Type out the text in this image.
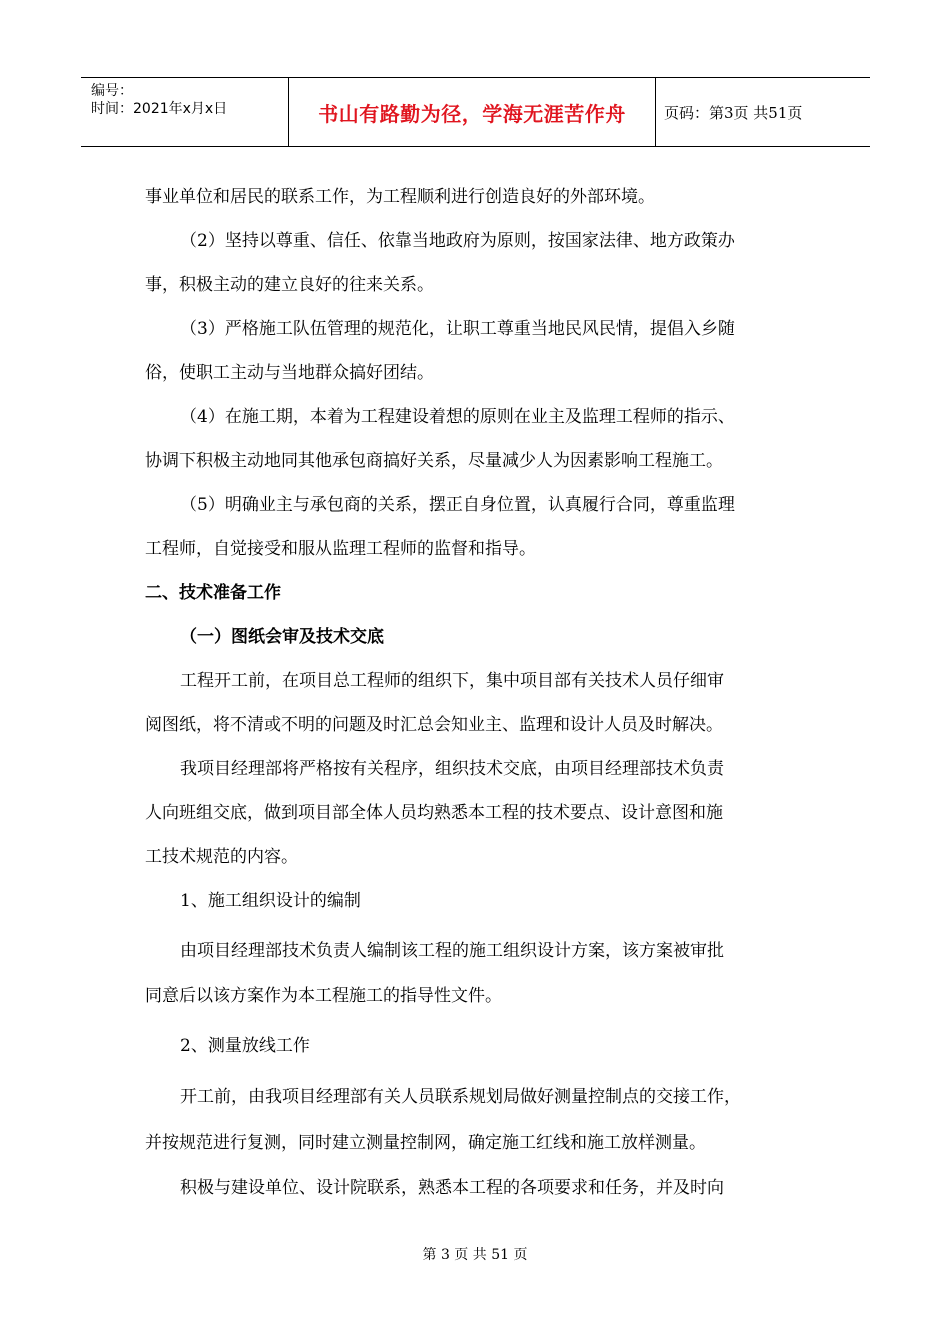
编号：
时间：2021年x月x日	书山有路勤为径，学海无涯苦作舟	页码：第3页 共51页
事业单位和居民的联系工作，为工程顺利进行创造良好的外部环境。
（2）坚持以尊重、信任、依靠当地政府为原则，按国家法律、地方政策办
事，积极主动的建立良好的往来关系。
（3）严格施工队伍管理的规范化，让职工尊重当地民风民情，提倡入乡随
俗，使职工主动与当地群众搞好团结。
（4）在施工期，本着为工程建设着想的原则在业主及监理工程师的指示、
协调下积极主动地同其他承包商搞好关系，尽量减少人为因素影响工程施工。
（5）明确业主与承包商的关系，摆正自身位置，认真履行合同，尊重监理
工程师，自觉接受和服从监理工程师的监督和指导。
二、技术准备工作
（一）图纸会审及技术交底
工程开工前，在项目总工程师的组织下，集中项目部有关技术人员仔细审
阅图纸，将不清或不明的问题及时汇总会知业主、监理和设计人员及时解决。
我项目经理部将严格按有关程序，组织技术交底，由项目经理部技术负责
人向班组交底，做到项目部全体人员均熟悉本工程的技术要点、设计意图和施
工技术规范的内容。
1、施工组织设计的编制
由项目经理部技术负责人编制该工程的施工组织设计方案，该方案被审批
同意后以该方案作为本工程施工的指导性文件。
2、测量放线工作
开工前，由我项目经理部有关人员联系规划局做好测量控制点的交接工作，
并按规范进行复测，同时建立测量控制网，确定施工红线和施工放样测量。
积极与建设单位、设计院联系，熟悉本工程的各项要求和任务，并及时向
第 3 页 共 51 页
